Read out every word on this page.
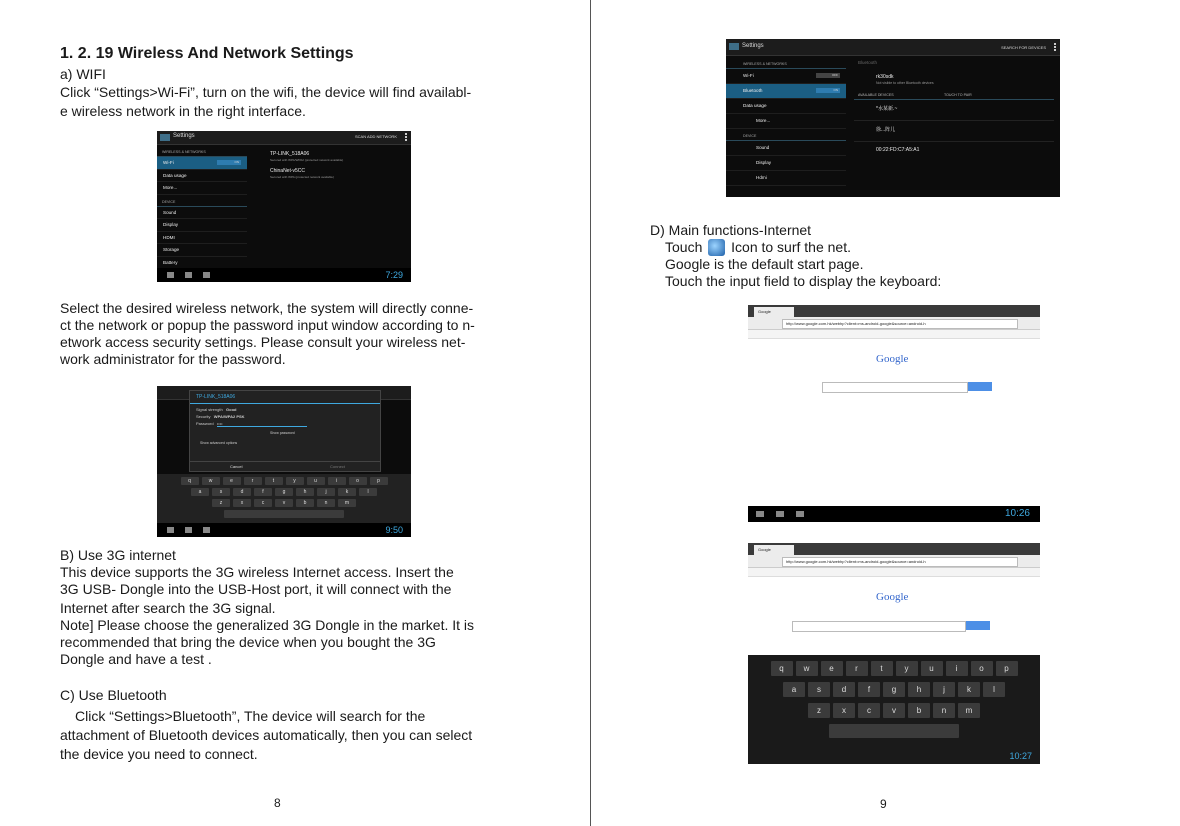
1. 2. 19 Wireless And Network Settings
a) WIFI
Click “Settings>Wi-Fi”, turn on the wifi, the device will find availabl-
e wireless network in the right interface.
Settings	SCAN ADD NETWORK
WIRELESS & NETWORKS
Wi-Fi	ON
Data usage
More...
DEVICE
Sound
Display
HDMI
Storage
Battery
TP-LINK_518A06
Secured with WPA/WPA2 (protected network available)
ChinaNet-v5CC
Secured with WPA (protected network available)
7:29
Select the desired wireless network, the system will directly conne-
ct the network or popup the password input window according to n-
etwork access security settings. Please consult your wireless net-
work administrator for the password.
TP-LINK_518A06
Signal strength Good
Security WPA/WPA2 PSK
Password ••••
Show password
Show advanced options
Cancel	Connect
q	w	e	r	t	y	u	i	o	p
a	s	d	f	g	h	j	k	l
z	x	c	v	b	n	m
9:50
B) Use 3G internet
This device supports the 3G wireless Internet access. Insert the
3G USB- Dongle into the USB-Host port, it will connect with the
Internet after search the 3G signal.
Note] Please choose the generalized 3G Dongle in the market. It is
recommended that bring the device when you bought the 3G
Dongle and have a test .
C) Use Bluetooth
Click “Settings>Bluetooth”, The device will search for the
attachment of Bluetooth devices automatically, then you can select
the device you need to connect.
8
Settings	SEARCH FOR DEVICES
WIRELESS & NETWORKS
Wi-Fi	OFF
Bluetooth	ON
Data usage
More...
DEVICE
Sound
Display
Hdmi
Bluetooth
rk30sdk
Not visible to other Bluetooth devices
AVAILABLE DEVICES	TOUCH TO PAIR
*水某新.~
徐...阵儿
00:22:FD:C7:A5:A1
D) Main functions-Internet
Touch Icon to surf the net.
Google is the default start page.
Touch the input field to display the keyboard:
Google
http://www.google.com.hk/webhp?client=ms-android-google&source=android-h
Google
10:26
Google
http://www.google.com.hk/webhp?client=ms-android-google&source=android-h
Google
q	w	e	r	t	y	u	i	o	p
a	s	d	f	g	h	j	k	l
z	x	c	v	b	n	m
10:27
9
